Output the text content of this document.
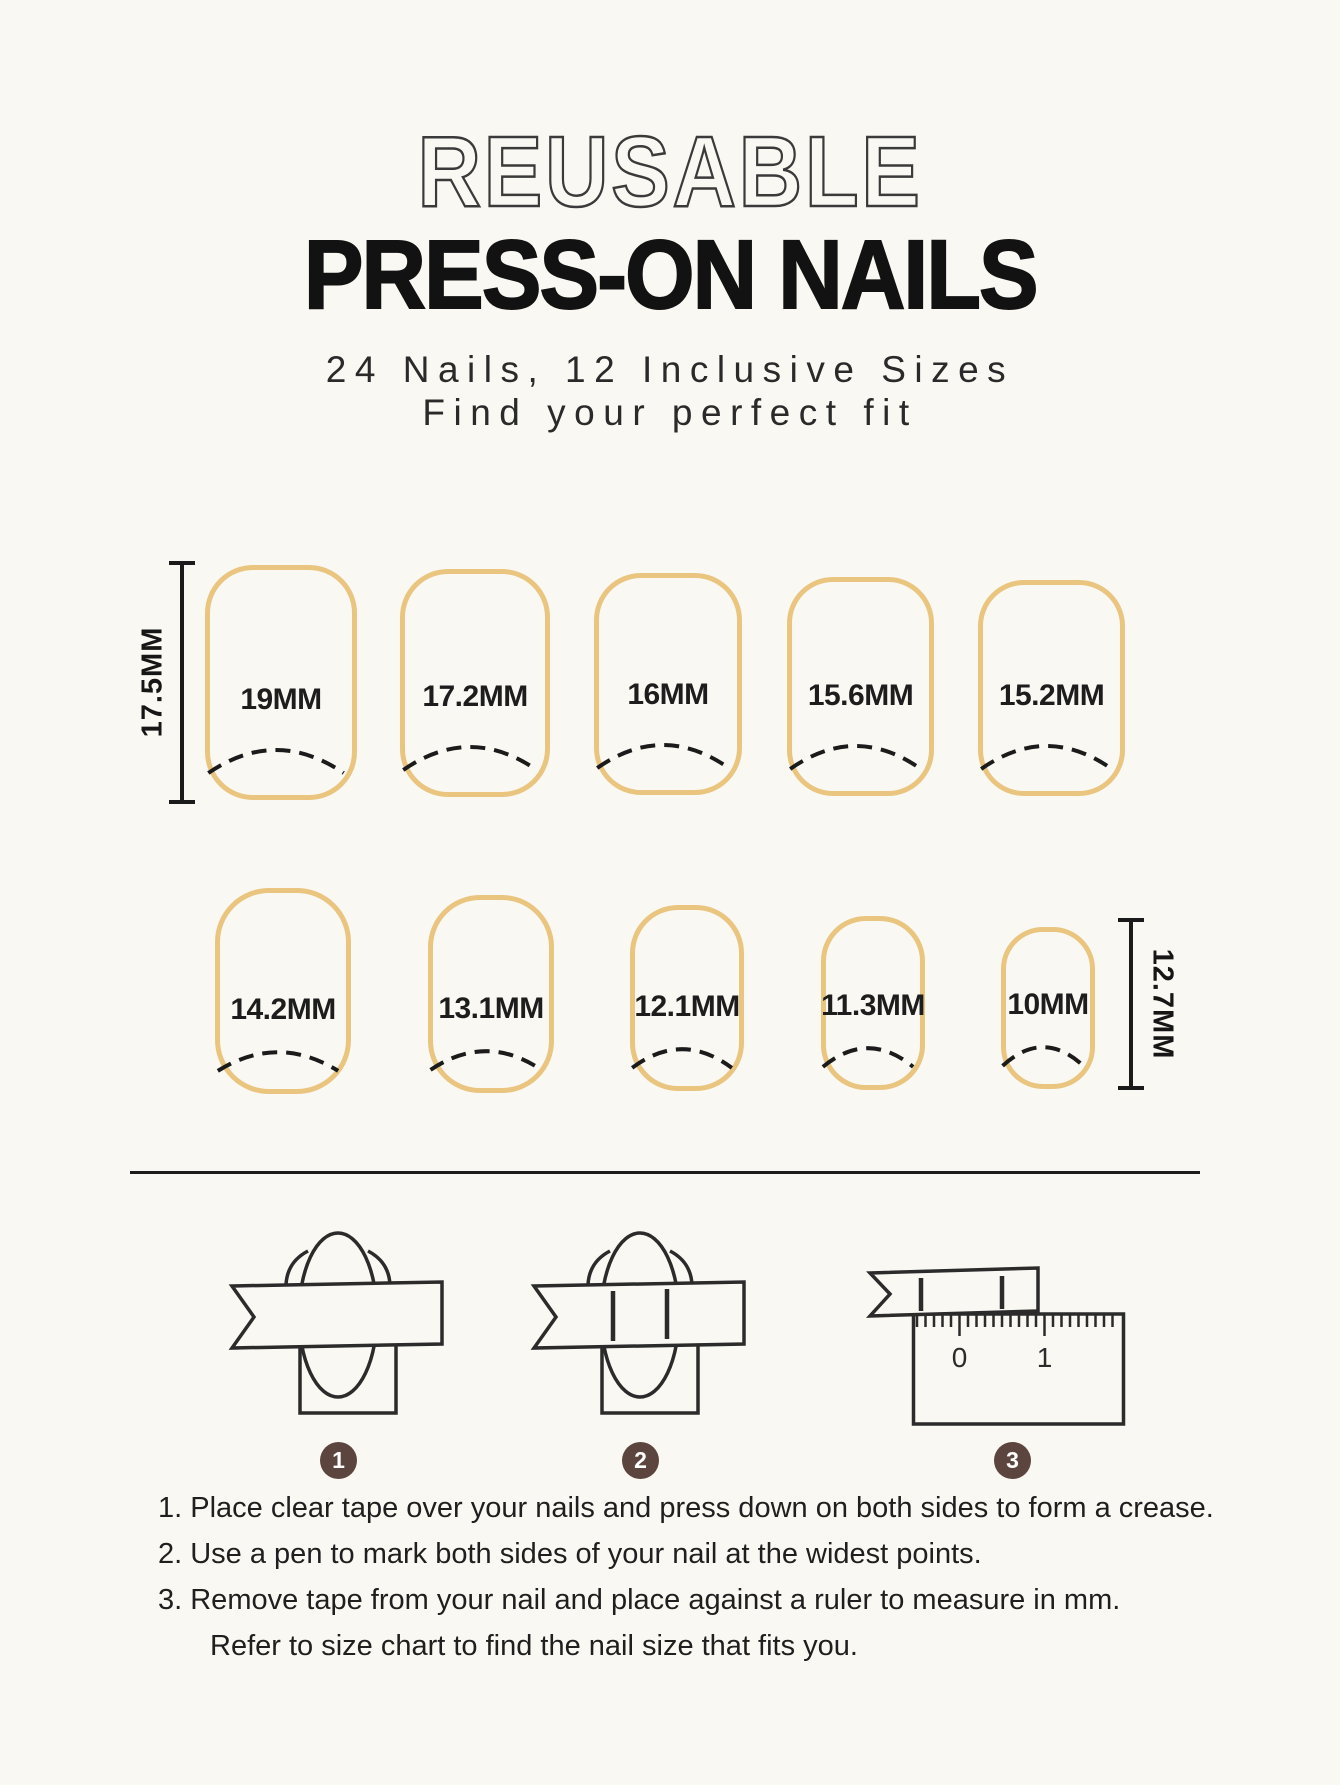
REUSABLE
PRESS-ON NAILS
24 Nails, 12 Inclusive Sizes
Find your perfect fit
17.5MM	19MM	17.2MM	16MM	15.6MM	15.2MM
14.2MM	13.1MM	12.1MM	11.3MM	10MM	12.7MM
0 1
1	2	3

1. Place clear tape over your nails and press down on both sides to form a crease.

2. Use a pen to mark both sides of your nail at the widest points.

3. Remove tape from your nail and place against a ruler to measure in mm.

Refer to size chart to find the nail size that fits you.
